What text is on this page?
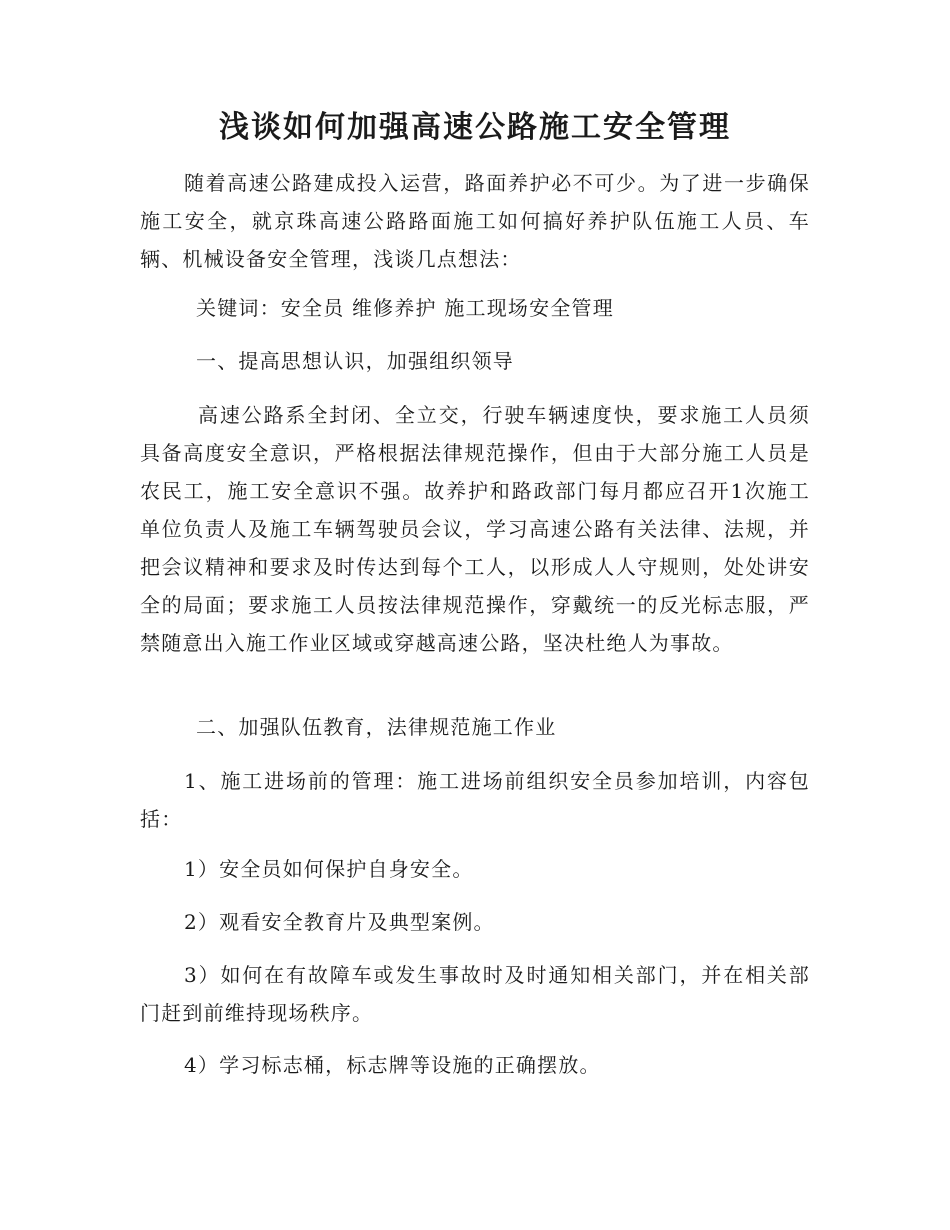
浅谈如何加强高速公路施工安全管理
随着高速公路建成投入运营，路面养护必不可少。为了进一步确保施工安全，就京珠高速公路路面施工如何搞好养护队伍施工人员、车辆、机械设备安全管理，浅谈几点想法：
关键词：安全员 维修养护 施工现场安全管理
一、提高思想认识，加强组织领导
高速公路系全封闭、全立交，行驶车辆速度快，要求施工人员须具备高度安全意识，严格根据法律规范操作，但由于大部分施工人员是农民工，施工安全意识不强。故养护和路政部门每月都应召开1次施工单位负责人及施工车辆驾驶员会议，学习高速公路有关法律、法规，并把会议精神和要求及时传达到每个工人，以形成人人守规则，处处讲安全的局面；要求施工人员按法律规范操作，穿戴统一的反光标志服，严禁随意出入施工作业区域或穿越高速公路，坚决杜绝人为事故。
二、加强队伍教育，法律规范施工作业
1、施工进场前的管理：施工进场前组织安全员参加培训，内容包括：
1）安全员如何保护自身安全。
2）观看安全教育片及典型案例。
3）如何在有故障车或发生事故时及时通知相关部门，并在相关部门赶到前维持现场秩序。
4）学习标志桶，标志牌等设施的正确摆放。
